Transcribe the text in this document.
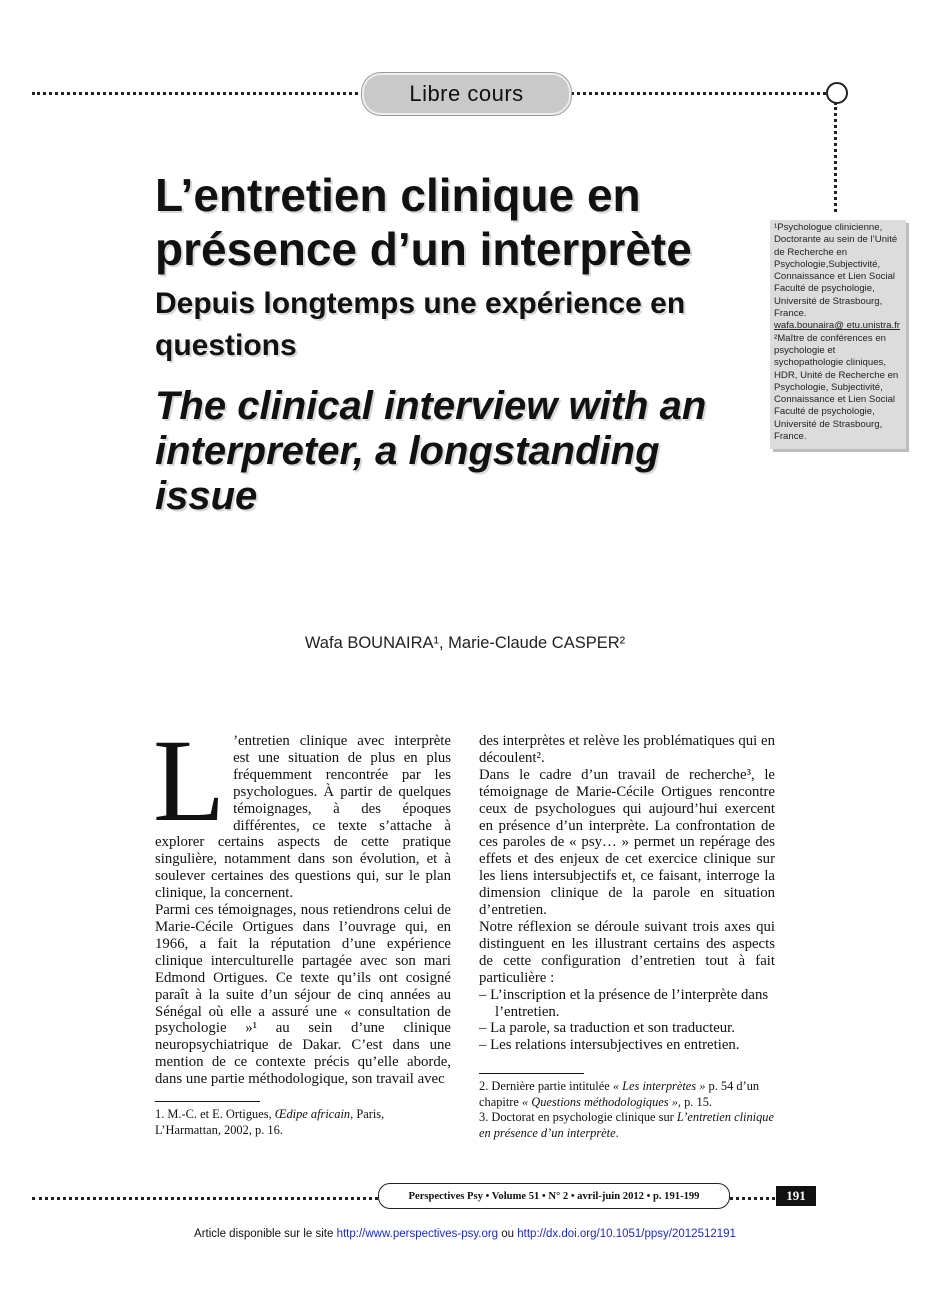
Libre cours
L’entretien clinique en présence d’un interprète
Depuis longtemps une expérience en questions
The clinical interview with an interpreter, a longstanding issue

¹Psychologue clinicienne, Doctorante au sein de l’Unité de Recherche en Psychologie,Subjectivité, Connaissance et Lien Social Faculté de psychologie, Université de Strasbourg, France.

wafa.bounaira@ etu.unistra.fr

²Maître de conférences en psychologie et sychopathologie cliniques, HDR, Unité de Recherche en Psychologie, Subjectivité, Connaissance et Lien Social Faculté de psychologie, Université de Strasbourg, France.

Wafa BOUNAIRA¹, Marie-Claude CASPER²

L ’entretien clinique avec interprète est une situation de plus en plus fréquemment rencontrée par les psychologues. À partir de quelques témoignages, à des époques différentes, ce texte s’attache à explorer certains aspects de cette pratique singulière, notamment dans son évolution, et à soulever certaines des questions qui, sur le plan clinique, la concernent.

Parmi ces témoignages, nous retiendrons celui de Marie-Cécile Ortigues dans l’ouvrage qui, en 1966, a fait la réputation d’une expérience clinique interculturelle partagée avec son mari Edmond Ortigues. Ce texte qu’ils ont cosigné paraît à la suite d’un séjour de cinq années au Sénégal où elle a assuré une « consultation de psychologie »¹ au sein d’une clinique neuropsychiatrique de Dakar. C’est dans une mention de ce contexte précis qu’elle aborde, dans une partie méthodologique, son travail avec

des interprètes et relève les problématiques qui en découlent².

Dans le cadre d’un travail de recherche³, le témoignage de Marie-Cécile Ortigues rencontre ceux de psychologues qui aujourd’hui exercent en présence d’un interprète. La confrontation de ces paroles de « psy… » permet un repérage des effets et des enjeux de cet exercice clinique sur les liens intersubjectifs et, ce faisant, interroge la dimension clinique de la parole en situation d’entretien.

Notre réflexion se déroule suivant trois axes qui distinguent en les illustrant certains des aspects de cette configuration d’entretien tout à fait particulière :

– L’inscription et la présence de l’interprète dans l’entretien.

– La parole, sa traduction et son traducteur.

– Les relations intersubjectives en entretien.

1. M.-C. et E. Ortigues, Œdipe africain, Paris, L’Harmattan, 2002, p. 16.

2. Dernière partie intitulée « Les interprètes » p. 54 d’un chapitre « Questions méthodologiques », p. 15.

3. Doctorat en psychologie clinique sur L’entretien clinique en présence d’un interprète.

Perspectives Psy • Volume 51 • N° 2 • avril-juin 2012 • p. 191-199	191
Article disponible sur le site http://www.perspectives-psy.org ou http://dx.doi.org/10.1051/ppsy/2012512191
